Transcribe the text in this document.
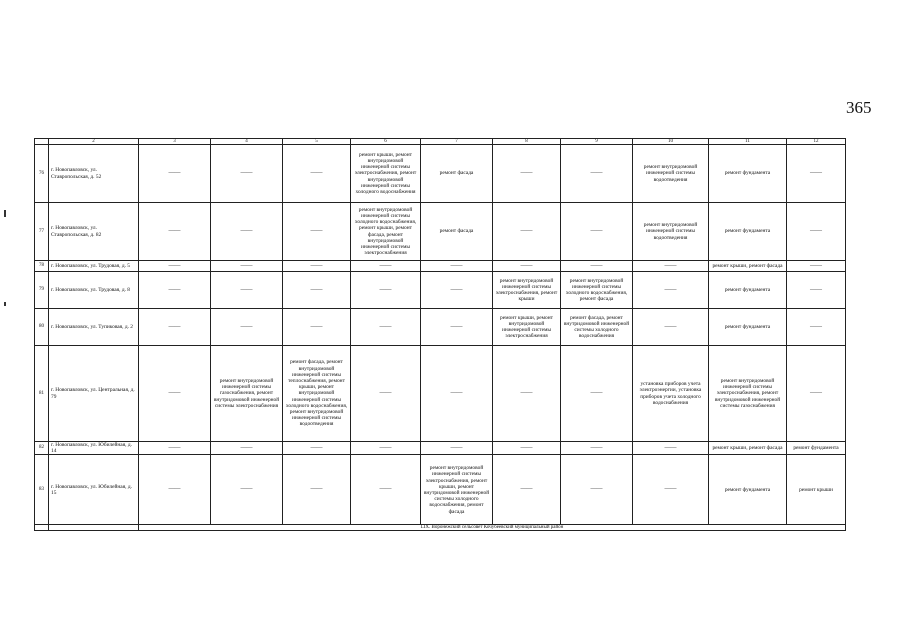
365
	2	3	4	5	6	7	8	9	10	11	12
76	г. Новопавловск, ул. Ставропольская, д. 52	——	——	——	ремонт крыши, ремонт внутридомовой инженерной системы электроснабжения, ремонт внутридомовой инженерной системы холодного водоснабжения	ремонт фасада	——	——	ремонт внутридомовой инженерной системы водоотведения	ремонт фундамента	——
77	г. Новопавловск, ул. Ставропольская, д. 82	——	——	——	ремонт внутридомовой инженерной системы холодного водоснабжения, ремонт крыши, ремонт фасада, ремонт внутридомовой инженерной системы электроснабжения	ремонт фасада	——	——	ремонт внутридомовой инженерной системы водоотведения	ремонт фундамента	——
78	г. Новопавловск, ул. Трудовая, д. 5	——	——	——	——	——	——	——	——	ремонт крыши, ремонт фасада	——
79	г. Новопавловск, ул. Трудовая, д. 8	——	——	——	——	——	ремонт внутридомовой инженерной системы электроснабжения, ремонт крыши	ремонт внутридомовой инженерной системы холодного водоснабжения, ремонт фасада	——	ремонт фундамента	——
80	г. Новопавловск, ул. Тупиковая, д. 2	——	——	——	——	——	ремонт крыши, ремонт внутридомовой инженерной системы электроснабжения	ремонт фасада, ремонт внутридомовой инженерной системы холодного водоснабжения	——	ремонт фундамента	——
81	г. Новопавловск, ул. Центральная, д. 79	——	ремонт внутридомовой инженерной системы газоснабжения, ремонт внутридомовой инженерной системы электроснабжения	ремонт фасада, ремонт внутридомовой инженерной системы теплоснабжения, ремонт крыши, ремонт внутридомовой инженерной системы холодного водоснабжения, ремонт внутридомовой инженерной системы водоотведения	——	——	——	——	установка приборов учета электроэнергии, установка приборов учета холодного водоснабжения	ремонт внутридомовой инженерной системы электроснабжения, ремонт внутридомовой инженерной системы газоснабжения	——
82	г. Новопавловск, ул. Юбилейная, д. 14	——	——	——	——	——	——	——	——	ремонт крыши, ремонт фасада	ремонт фундамента
83	г. Новопавловск, ул. Юбилейная, д. 15	——	——	——	——	ремонт внутридомовой инженерной системы электроснабжения, ремонт крыши, ремонт внутридомовой инженерной системы холодного водоснабжения, ремонт фасада	——	——	——	ремонт фундамента	ремонт крыши
		LIX. Воронежский сельсовет Кочубеевский муниципальный район									
